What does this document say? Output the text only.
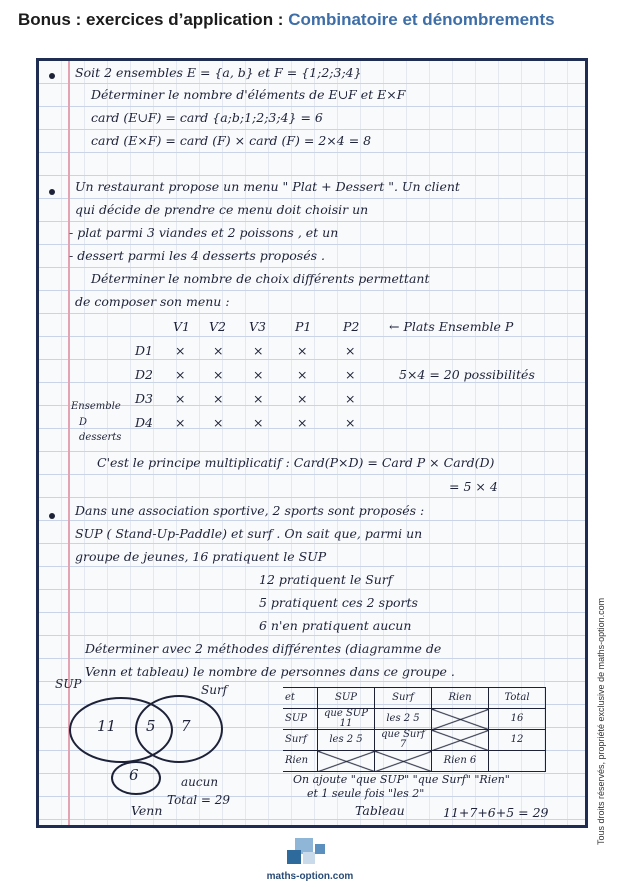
Bonus : exercices d’application : Combinatoire et dénombrements
Soit 2 ensembles E = {a, b} et F = {1;2;3;4}
Déterminer le nombre d'éléments de E∪F et E×F
card (E∪F) = card {a;b;1;2;3;4} = 6
card (E×F) = card (F) × card (F) = 2×4 = 8
Un restaurant propose un menu " Plat + Dessert ". Un client
qui décide de prendre ce menu doit choisir un
- plat parmi 3 viandes et 2 poissons , et un
- dessert parmi les 4 desserts proposés .
Déterminer le nombre de choix différents permettant
de composer son menu :
V1 V2 V3 P1	P2 ← Plats Ensemble P
D1 × × ×	×	×
D2 × × ×	×	×	5×4 = 20 possibilités
D3 × × ×	×	×
D4 × × ×	×	×
Ensemble
D
desserts
C'est le principe multiplicatif : Card(P×D) = Card P × Card(D)
= 5 × 4
Dans une association sportive, 2 sports sont proposés :
SUP ( Stand-Up-Paddle) et surf . On sait que, parmi un
groupe de jeunes, 16 pratiquent le SUP
12 pratiquent le Surf
5 pratiquent ces 2 sports
6 n'en pratiquent aucun
Déterminer avec 2 méthodes différentes (diagramme de
Venn et tableau) le nombre de personnes dans ce groupe .
SUP	Surf
11 5 7
6	aucun
Total = 29
Venn
et	SUP	Surf	Rien	Total
SUP	que SUP 11	les 2 5		16
Surf	les 2 5	que Surf 7		12
Rien			Rien 6	
On ajoute "que SUP" "que Surf" "Rien"
et 1 seule fois "les 2"
Tableau	11+7+6+5 = 29	Tous droits réservés, propriété exclusive de maths-option.com
maths-option.com
